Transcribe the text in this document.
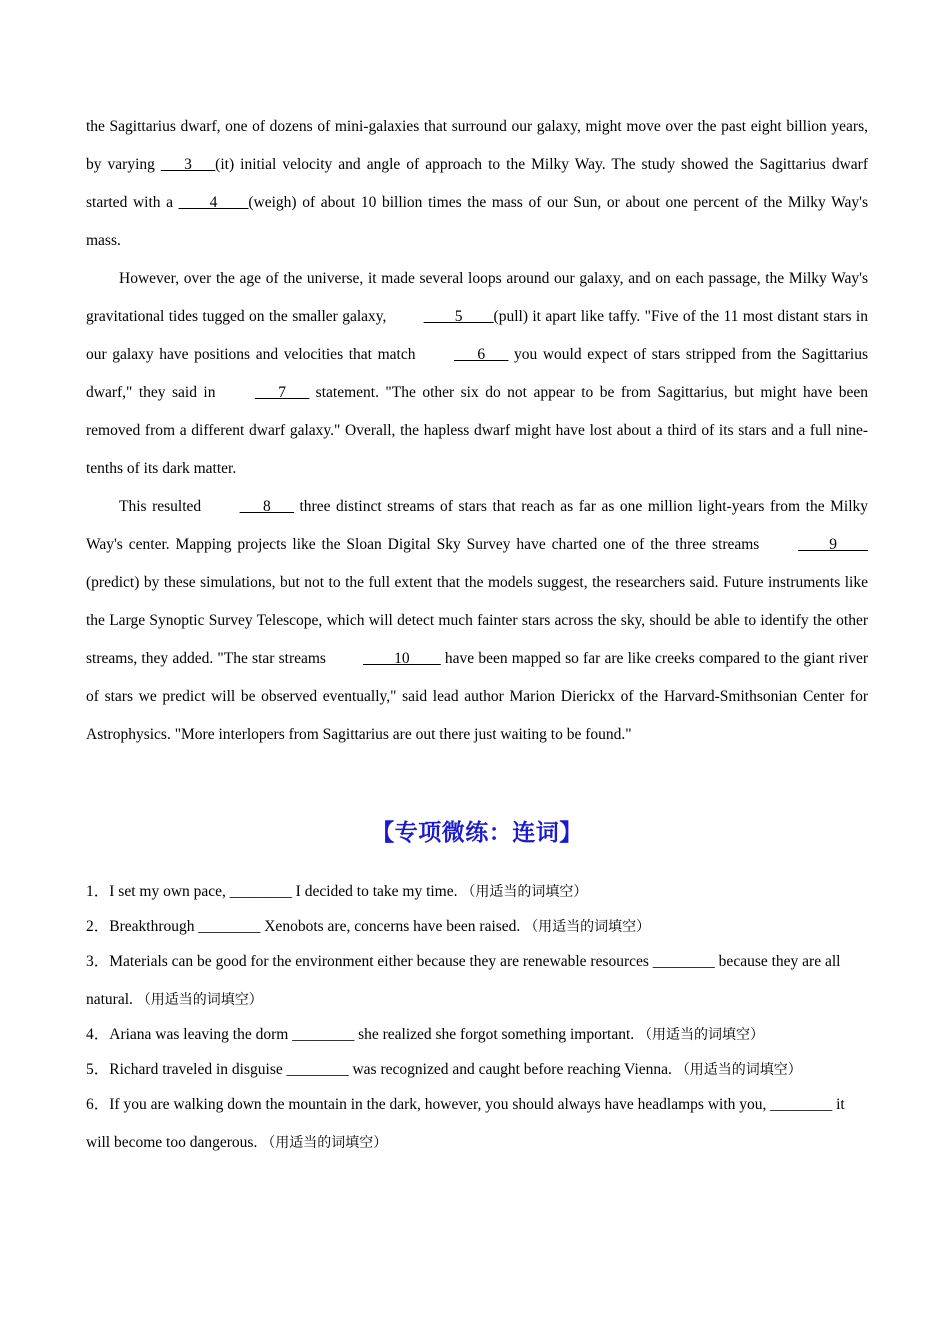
the Sagittarius dwarf, one of dozens of mini-galaxies that surround our galaxy, might move over the past eight billion years, by varying ___3___(it) initial velocity and angle of approach to the Milky Way. The study showed the Sagittarius dwarf started with a ____4____(weigh) of about 10 billion times the mass of our Sun, or about one percent of the Milky Way's mass.

However, over the age of the universe, it made several loops around our galaxy, and on each passage, the Milky Way's gravitational tides tugged on the smaller galaxy, ____5____(pull) it apart like taffy. "Five of the 11 most distant stars in our galaxy have positions and velocities that match ___6___ you would expect of stars stripped from the Sagittarius dwarf," they said in ___7___ statement. "The other six do not appear to be from Sagittarius, but might have been removed from a different dwarf galaxy." Overall, the hapless dwarf might have lost about a third of its stars and a full nine-tenths of its dark matter.

This resulted ___8___ three distinct streams of stars that reach as far as one million light-years from the Milky Way's center. Mapping projects like the Sloan Digital Sky Survey have charted one of the three streams ____9____ (predict) by these simulations, but not to the full extent that the models suggest, the researchers said. Future instruments like the Large Synoptic Survey Telescope, which will detect much fainter stars across the sky, should be able to identify the other streams, they added. "The star streams ____10____ have been mapped so far are like creeks compared to the giant river of stars we predict will be observed eventually," said lead author Marion Dierickx of the Harvard-Smithsonian Center for Astrophysics. "More interlopers from Sagittarius are out there just waiting to be found."

【专项微练：连词】

1．I set my own pace, ________ I decided to take my time. （用适当的词填空）

2．Breakthrough ________ Xenobots are, concerns have been raised. （用适当的词填空）

3．Materials can be good for the environment either because they are renewable resources ________ because they are all natural. （用适当的词填空）

4．Ariana was leaving the dorm ________ she realized she forgot something important. （用适当的词填空）

5．Richard traveled in disguise ________ was recognized and caught before reaching Vienna. （用适当的词填空）

6．If you are walking down the mountain in the dark, however, you should always have headlamps with you, ________ it will become too dangerous. （用适当的词填空）
